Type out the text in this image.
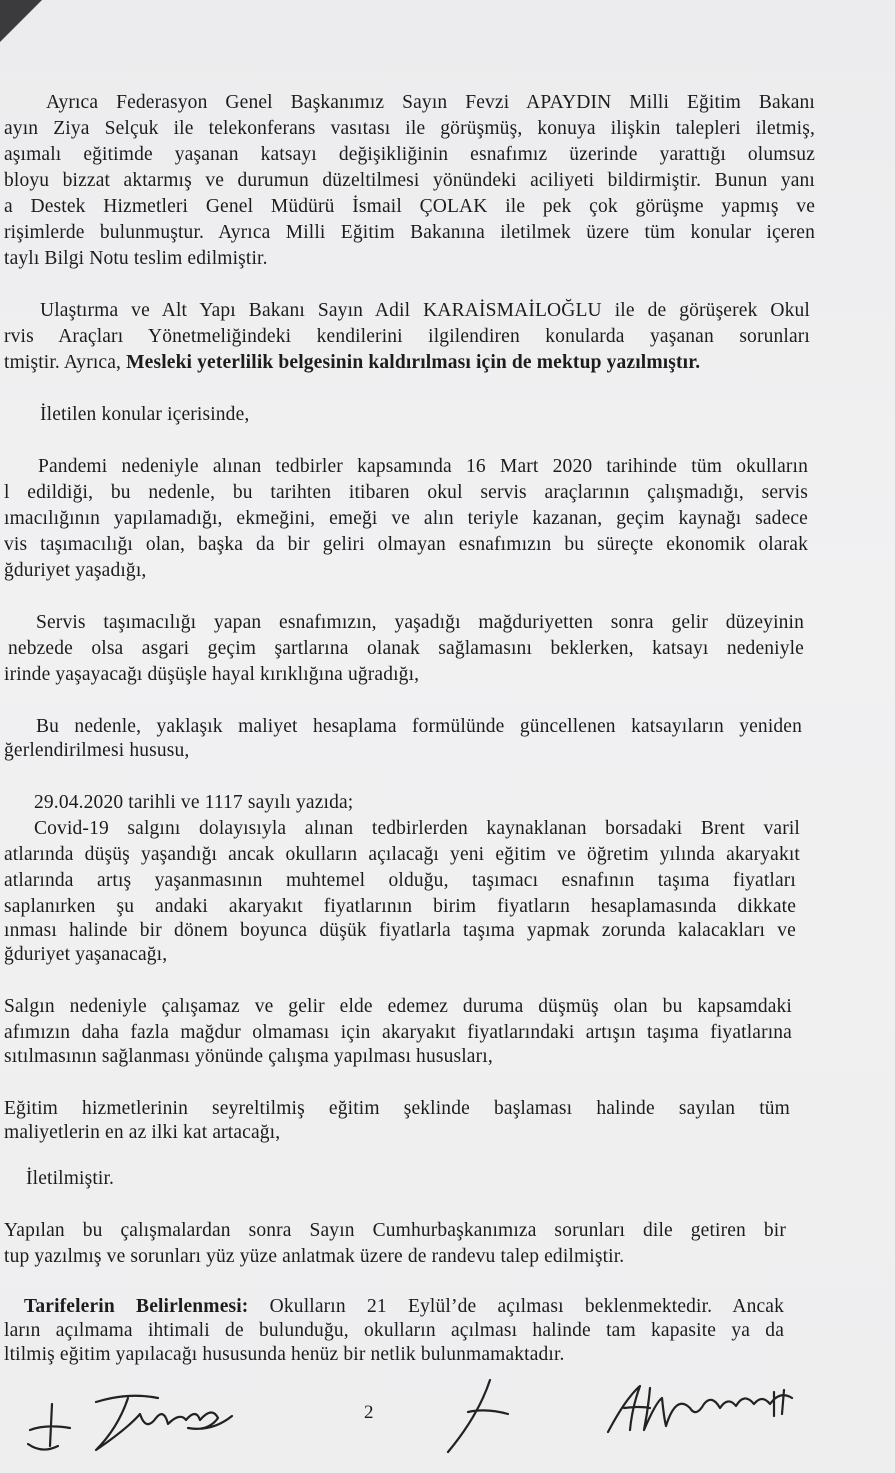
Ayrıca Federasyon Genel Başkanımız Sayın Fevzi APAYDIN Milli Eğitim Bakanı
ayın Ziya Selçuk ile telekonferans vasıtası ile görüşmüş, konuya ilişkin talepleri iletmiş,
aşımalı eğitimde yaşanan katsayı değişikliğinin esnafımız üzerinde yarattığı olumsuz
bloyu bizzat aktarmış ve durumun düzeltilmesi yönündeki aciliyeti bildirmiştir. Bunun yanı
a Destek Hizmetleri Genel Müdürü İsmail ÇOLAK ile pek çok görüşme yapmış ve
rişimlerde bulunmuştur. Ayrıca Milli Eğitim Bakanına iletilmek üzere tüm konular içeren
taylı Bilgi Notu teslim edilmiştir.
Ulaştırma ve Alt Yapı Bakanı Sayın Adil KARAİSMAİLOĞLU ile de görüşerek Okul
rvis Araçları Yönetmeliğindeki kendilerini ilgilendiren konularda yaşanan sorunları
tmiştir. Ayrıca, Mesleki yeterlilik belgesinin kaldırılması için de mektup yazılmıştır.
İletilen konular içerisinde,
Pandemi nedeniyle alınan tedbirler kapsamında 16 Mart 2020 tarihinde tüm okulların
l edildiği, bu nedenle, bu tarihten itibaren okul servis araçlarının çalışmadığı, servis
ımacılığının yapılamadığı, ekmeğini, emeği ve alın teriyle kazanan, geçim kaynağı sadece
vis taşımacılığı olan, başka da bir geliri olmayan esnafımızın bu süreçte ekonomik olarak
ğduriyet yaşadığı,
Servis taşımacılığı yapan esnafımızın, yaşadığı mağduriyetten sonra gelir düzeyinin
nebzede olsa asgari geçim şartlarına olanak sağlamasını beklerken, katsayı nedeniyle
irinde yaşayacağı düşüşle hayal kırıklığına uğradığı,
Bu nedenle, yaklaşık maliyet hesaplama formülünde güncellenen katsayıların yeniden
ğerlendirilmesi hususu,
29.04.2020 tarihli ve 1117 sayılı yazıda;
Covid-19 salgını dolayısıyla alınan tedbirlerden kaynaklanan borsadaki Brent varil
atlarında düşüş yaşandığı ancak okulların açılacağı yeni eğitim ve öğretim yılında akaryakıt
atlarında artış yaşanmasının muhtemel olduğu, taşımacı esnafının taşıma fiyatları
saplanırken şu andaki akaryakıt fiyatlarının birim fiyatların hesaplamasında dikkate
ınması halinde bir dönem boyunca düşük fiyatlarla taşıma yapmak zorunda kalacakları ve
ğduriyet yaşanacağı,
Salgın nedeniyle çalışamaz ve gelir elde edemez duruma düşmüş olan bu kapsamdaki
afımızın daha fazla mağdur olmaması için akaryakıt fiyatlarındaki artışın taşıma fiyatlarına
sıtılmasının sağlanması yönünde çalışma yapılması hususları,
Eğitim hizmetlerinin seyreltilmiş eğitim şeklinde başlaması halinde sayılan tüm
maliyetlerin en az ilki kat artacağı,
İletilmiştir.
Yapılan bu çalışmalardan sonra Sayın Cumhurbaşkanımıza sorunları dile getiren bir
tup yazılmış ve sorunları yüz yüze anlatmak üzere de randevu talep edilmiştir.
Tarifelerin Belirlenmesi: Okulların 21 Eylül’de açılması beklenmektedir. Ancak
ların açılmama ihtimali de bulunduğu, okulların açılması halinde tam kapasite ya da
ltilmiş eğitim yapılacağı hususunda henüz bir netlik bulunmamaktadır.
2
